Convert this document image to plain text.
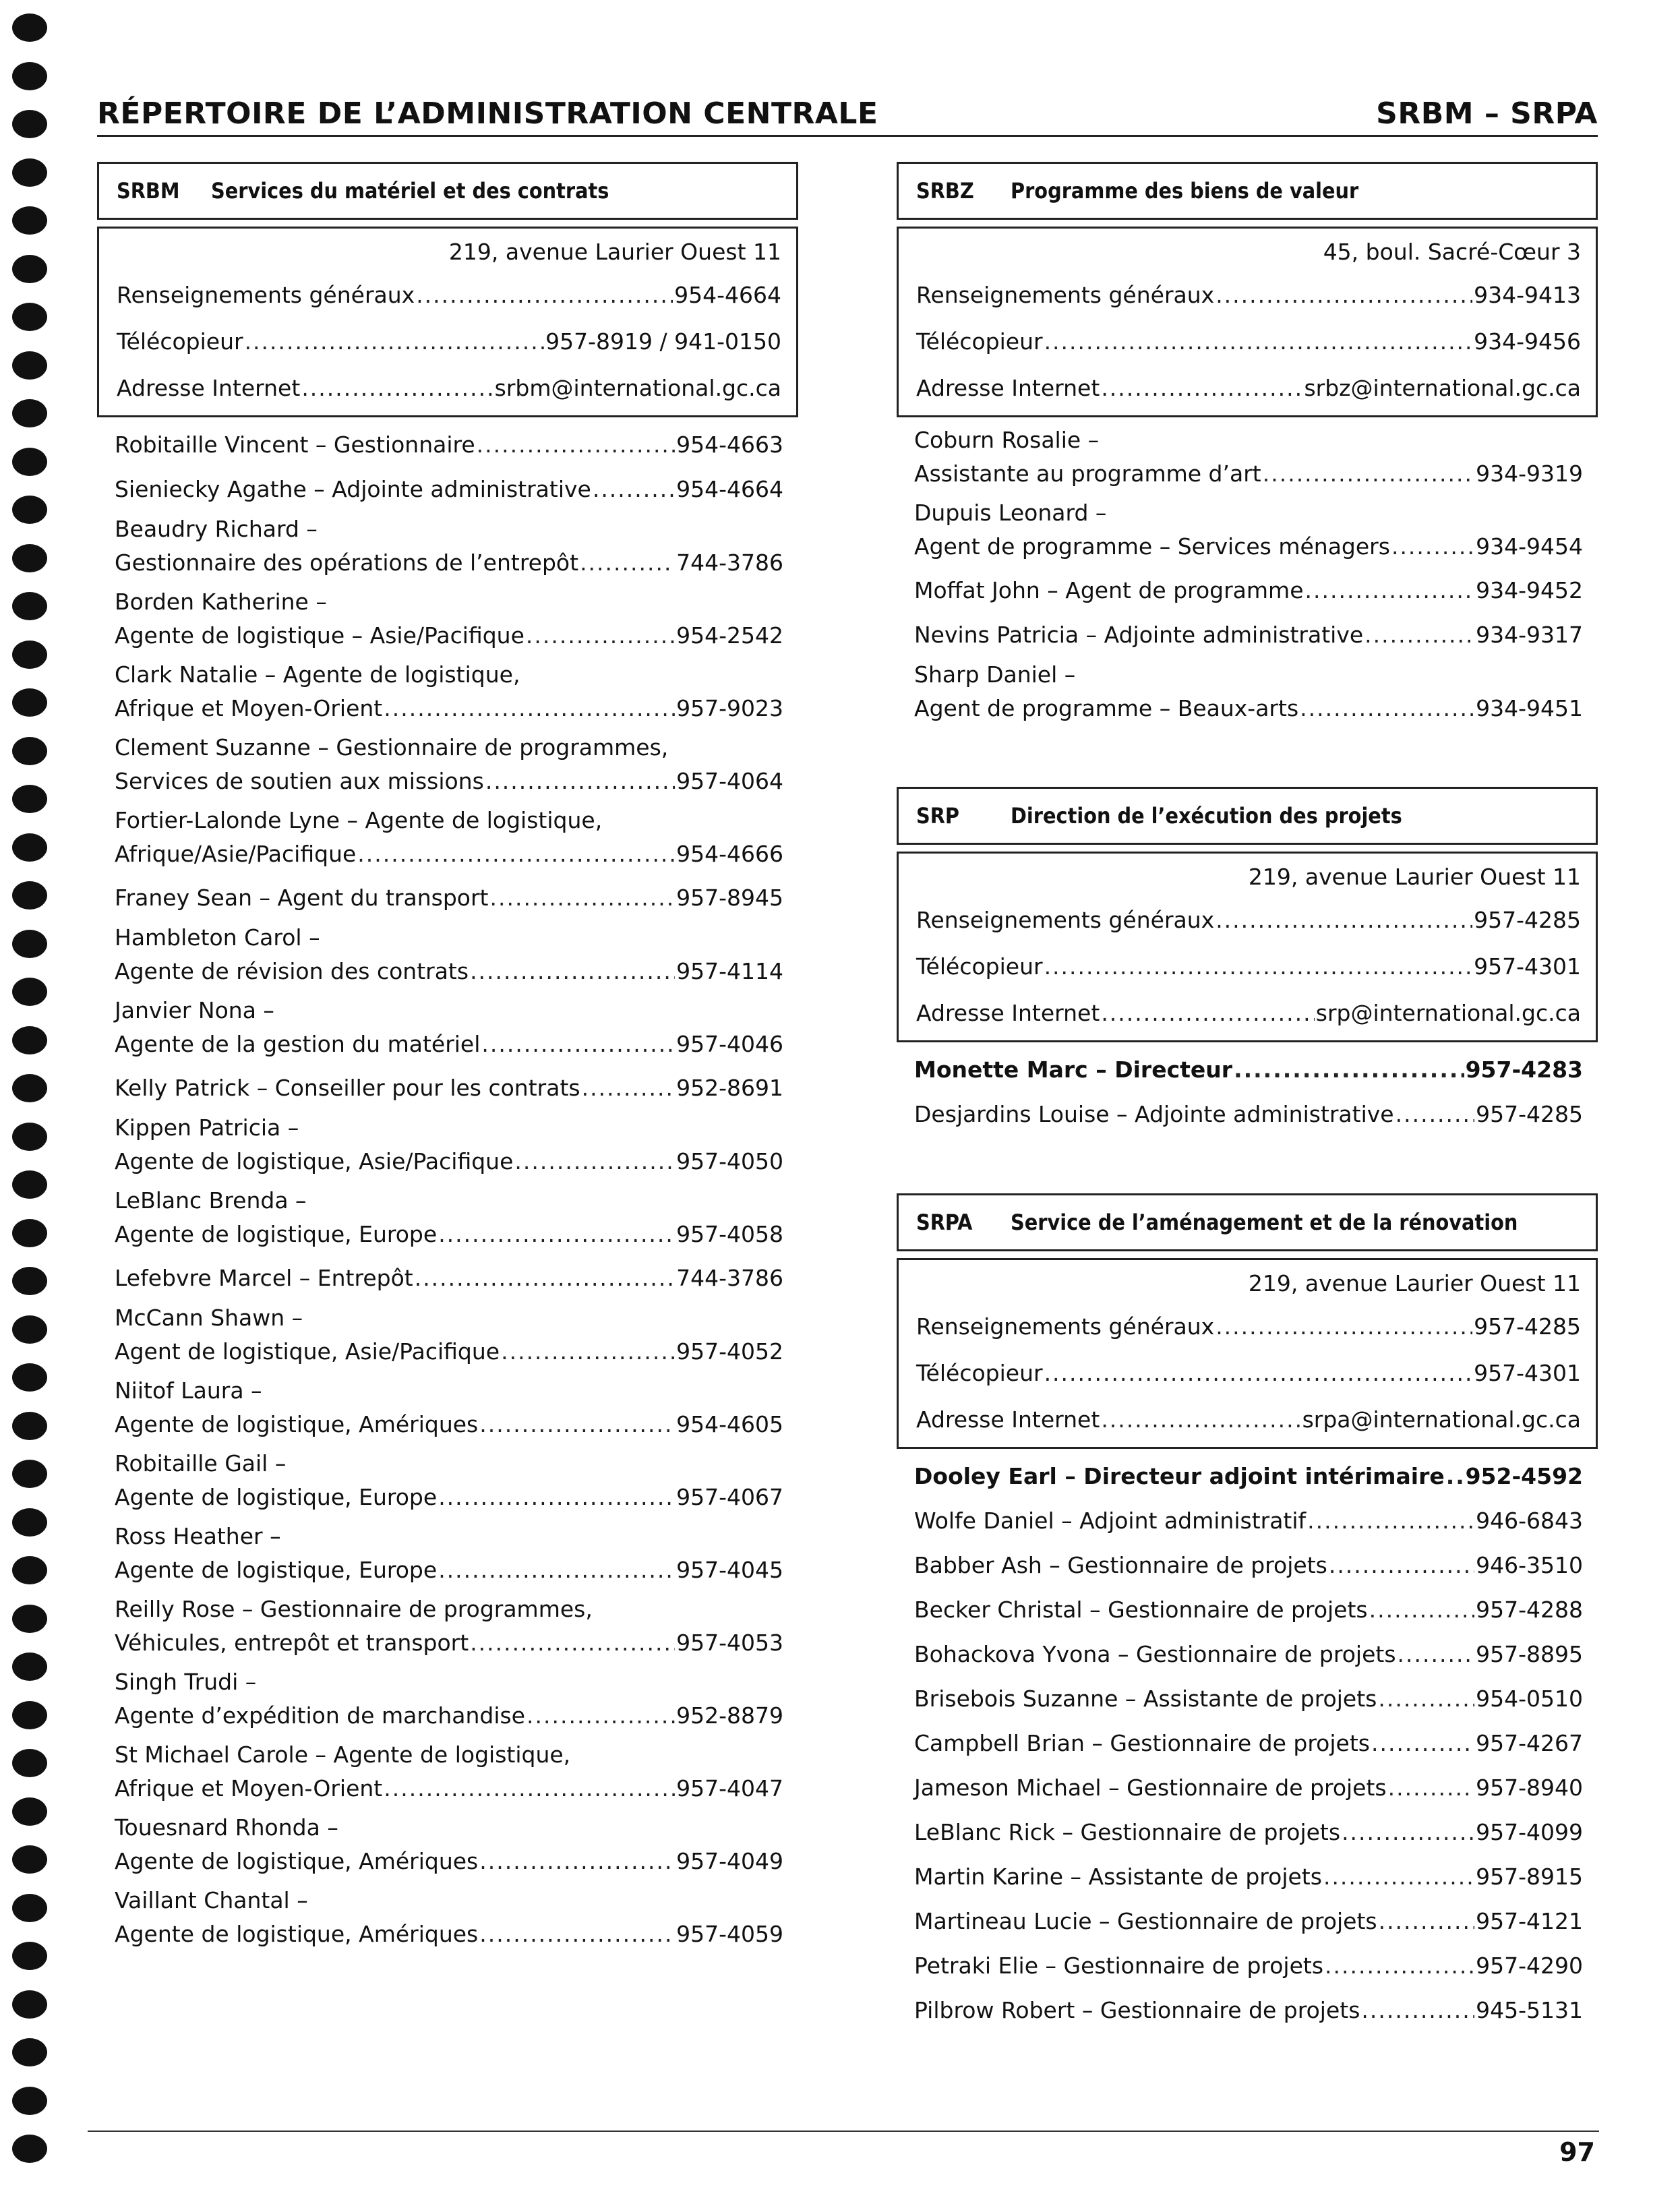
RÉPERTOIRE DE L’ADMINISTRATION CENTRALE	SRBM – SRPA
SRBM	Services du matériel et des contrats
219, avenue Laurier Ouest 11
Renseignements généraux .....	954-4664
Télécopieur .....	957-8919 / 941-0150
Adresse Internet .....	srbm@international.gc.ca
Robitaille Vincent – Gestionnaire .....	954-4663
Sieniecky Agathe – Adjointe administrative .....	954-4664
Beaudry Richard –
Gestionnaire des opérations de l’entrepôt .....	744-3786
Borden Katherine –
Agente de logistique – Asie/Pacifique .....	954-2542
Clark Natalie – Agente de logistique,
Afrique et Moyen-Orient .....	957-9023
Clement Suzanne – Gestionnaire de programmes,
Services de soutien aux missions .....	957-4064
Fortier-Lalonde Lyne – Agente de logistique,
Afrique/Asie/Pacifique .....	954-4666
Franey Sean – Agent du transport .....	957-8945
Hambleton Carol –
Agente de révision des contrats .....	957-4114
Janvier Nona –
Agente de la gestion du matériel .....	957-4046
Kelly Patrick – Conseiller pour les contrats .....	952-8691
Kippen Patricia –
Agente de logistique, Asie/Pacifique .....	957-4050
LeBlanc Brenda –
Agente de logistique, Europe .....	957-4058
Lefebvre Marcel – Entrepôt .....	744-3786
McCann Shawn –
Agent de logistique, Asie/Pacifique .....	957-4052
Niitof Laura –
Agente de logistique, Amériques .....	954-4605
Robitaille Gail –
Agente de logistique, Europe .....	957-4067
Ross Heather –
Agente de logistique, Europe .....	957-4045
Reilly Rose – Gestionnaire de programmes,
Véhicules, entrepôt et transport .....	957-4053
Singh Trudi –
Agente d’expédition de marchandise .....	952-8879
St Michael Carole – Agente de logistique,
Afrique et Moyen-Orient .....	957-4047
Touesnard Rhonda –
Agente de logistique, Amériques .....	957-4049
Vaillant Chantal –
Agente de logistique, Amériques .....	957-4059
SRBZ	Programme des biens de valeur
45, boul. Sacré-Cœur 3
Renseignements généraux .....	934-9413
Télécopieur .....	934-9456
Adresse Internet .....	srbz@international.gc.ca
Coburn Rosalie –
Assistante au programme d’art .....	934-9319
Dupuis Leonard –
Agent de programme – Services ménagers .....	934-9454
Moffat John – Agent de programme .....	934-9452
Nevins Patricia – Adjointe administrative .....	934-9317
Sharp Daniel –
Agent de programme – Beaux-arts .....	934-9451
SRP	Direction de l’exécution des projets
219, avenue Laurier Ouest 11
Renseignements généraux .....	957-4285
Télécopieur .....	957-4301
Adresse Internet .....	srp@international.gc.ca
Monette Marc – Directeur .....	957-4283
Desjardins Louise – Adjointe administrative .....	957-4285
SRPA	Service de l’aménagement et de la rénovation
219, avenue Laurier Ouest 11
Renseignements généraux .....	957-4285
Télécopieur .....	957-4301
Adresse Internet .....	srpa@international.gc.ca
Dooley Earl – Directeur adjoint intérimaire ..... 952-4592
Wolfe Daniel – Adjoint administratif .....	946-6843
Babber Ash – Gestionnaire de projets .....	946-3510
Becker Christal – Gestionnaire de projets .....	957-4288
Bohackova Yvona – Gestionnaire de projets .....	957-8895
Brisebois Suzanne – Assistante de projets .....	954-0510
Campbell Brian – Gestionnaire de projets .....	957-4267
Jameson Michael – Gestionnaire de projets .....	957-8940
LeBlanc Rick – Gestionnaire de projets .....	957-4099
Martin Karine – Assistante de projets .....	957-8915
Martineau Lucie – Gestionnaire de projets .....	957-4121
Petraki Elie – Gestionnaire de projets .....	957-4290
Pilbrow Robert – Gestionnaire de projets .....	945-5131
97
